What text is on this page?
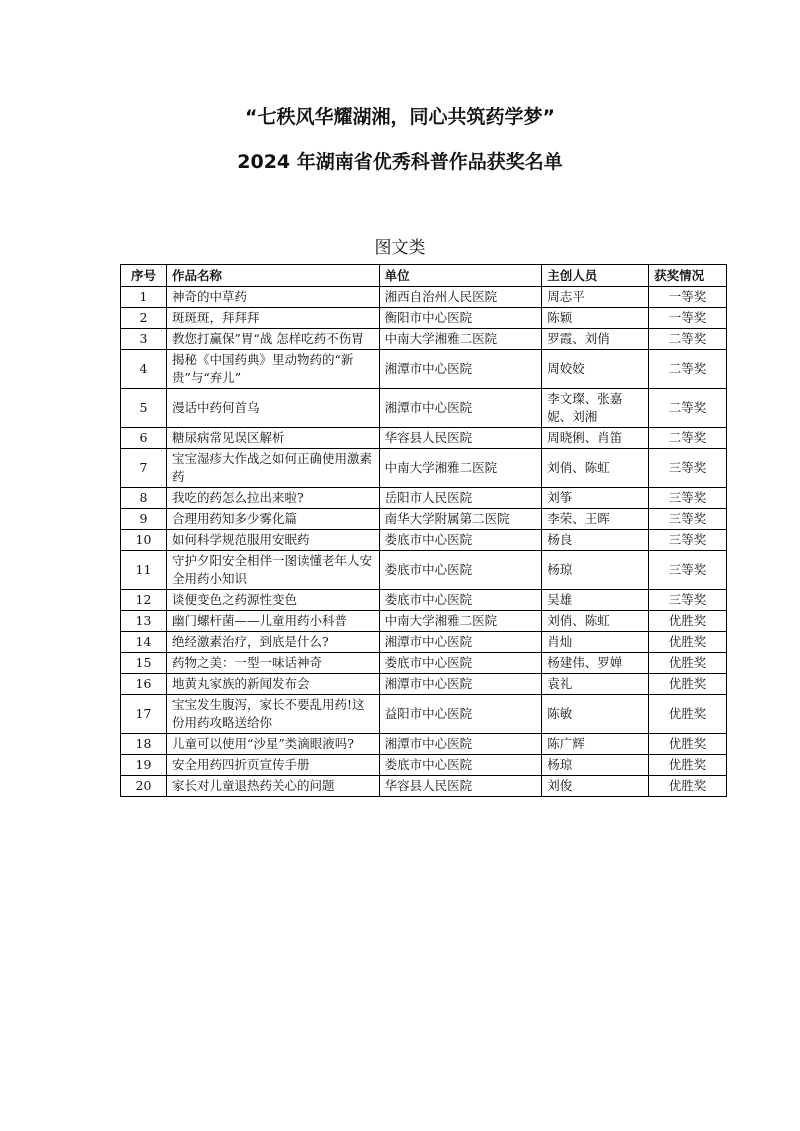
“七秩风华耀湖湘，同心共筑药学梦”
2024 年湖南省优秀科普作品获奖名单
图文类
序号	作品名称	单位	主创人员	获奖情况
1	神奇的中草药	湘西自治州人民医院	周志平	一等奖
2	斑斑斑，拜拜拜	衡阳市中心医院	陈颖	一等奖
3	教您打赢保”胃“战 怎样吃药不伤胃	中南大学湘雅二医院	罗霞、刘俏	二等奖
4	揭秘《中国药典》里动物药的“新贵”与“弃儿”	湘潭市中心医院	周姣姣	二等奖
5	漫话中药何首乌	湘潭市中心医院	李文璨、张嘉妮、刘湘	二等奖
6	糖尿病常见误区解析	华容县人民医院	周晓俐、肖笛	二等奖
7	宝宝湿疹大作战之如何正确使用激素药	中南大学湘雅二医院	刘俏、陈虹	三等奖
8	我吃的药怎么拉出来啦?	岳阳市人民医院	刘筝	三等奖
9	合理用药知多少雾化篇	南华大学附属第二医院	李荣、王晖	三等奖
10	如何科学规范服用安眠药	娄底市中心医院	杨良	三等奖
11	守护夕阳安全相伴一图读懂老年人安全用药小知识	娄底市中心医院	杨琼	三等奖
12	谈便变色之药源性变色	娄底市中心医院	吴雄	三等奖
13	幽门螺杆菌——儿童用药小科普	中南大学湘雅二医院	刘俏、陈虹	优胜奖
14	绝经激素治疗，到底是什么?	湘潭市中心医院	肖灿	优胜奖
15	药物之美：一型一味话神奇	娄底市中心医院	杨建伟、罗婵	优胜奖
16	地黄丸家族的新闻发布会	湘潭市中心医院	袁礼	优胜奖
17	宝宝发生腹泻，家长不要乱用药!这份用药攻略送给你	益阳市中心医院	陈敏	优胜奖
18	儿童可以使用“沙星”类滴眼液吗?	湘潭市中心医院	陈广辉	优胜奖
19	安全用药四折页宣传手册	娄底市中心医院	杨琼	优胜奖
20	家长对儿童退热药关心的问题	华容县人民医院	刘俊	优胜奖
